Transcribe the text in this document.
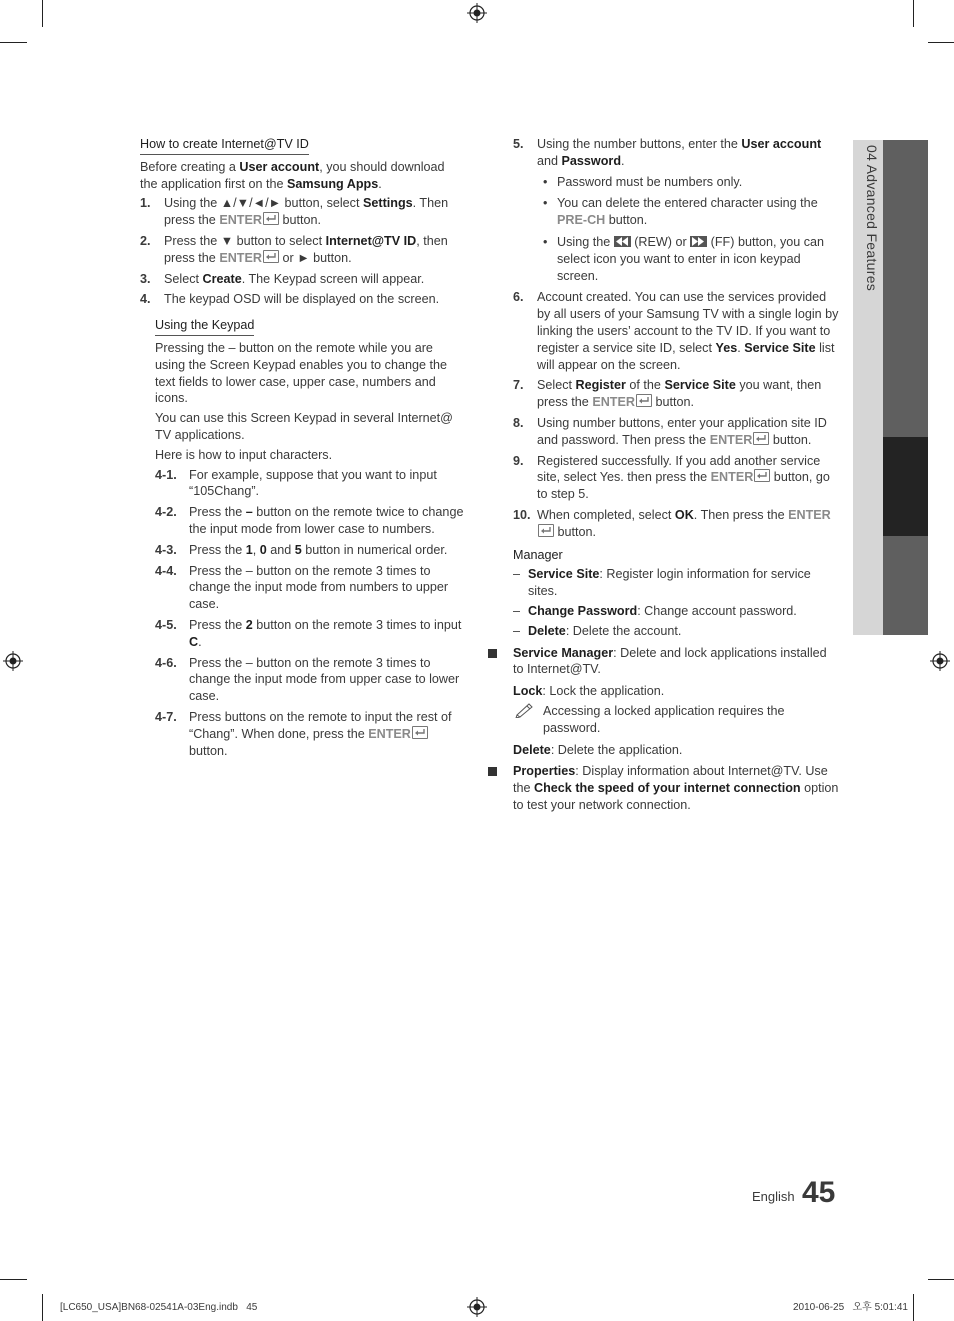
04 Advanced Features
How to create Internet@TV ID
Before creating a User account, you should download the application first on the Samsung Apps.
1. Using the ▲/▼/◄/► button, select Settings. Then press the ENTER
button.
2. Press the ▼ button to select Internet@TV ID, then press the ENTER
or ► button.
3. Select Create. The Keypad screen will appear.
4. The keypad OSD will be displayed on the screen.
Using the Keypad
Pressing the – button on the remote while you are using the Screen Keypad enables you to change the text fields to lower case, upper case, numbers and icons.
You can use this Screen Keypad in several Internet@ TV applications.
Here is how to input characters.
4-1. For example, suppose that you want to input “105Chang”.
4-2. Press the – button on the remote twice to change the input mode from lower case to numbers.
4-3. Press the 1, 0 and 5 button in numerical order.
4-4. Press the – button on the remote 3 times to change the input mode from numbers to upper case.
4-5. Press the 2 button on the remote 3 times to input C.
4-6. Press the – button on the remote 3 times to change the input mode from upper case to lower case.
4-7. Press buttons on the remote to input the rest of “Chang”. When done, press the ENTER
button.
5. Using the number buttons, enter the User account and Password.
• Password must be numbers only.
• You can delete the entered character using the PRE-CH button.
• Using the
(REW) or
(FF) button, you can select icon you want to enter in icon keypad screen.
6. Account created. You can use the services provided by all users of your Samsung TV with a single login by linking the users’ account to the TV ID. If you want to register a service site ID, select Yes. Service Site list will appear on the screen.
7. Select Register of the Service Site you want, then press the ENTER
button.
8. Using number buttons, enter your application site ID and password. Then press the ENTER
button.
9. Registered successfully. If you add another service site, select Yes. then press the ENTER
button, go to step 5.
10. When completed, select OK. Then press the ENTER
button.
Manager
– Service Site: Register login information for service sites.
– Change Password: Change account password.
– Delete: Delete the account.
Service Manager: Delete and lock applications installed to Internet@TV.
Lock: Lock the application.
Accessing a locked application requires the password.
Delete: Delete the application.
Properties: Display information about Internet@TV. Use the Check the speed of your internet connection option to test your network connection.
English 45
[LC650_USA]BN68-02541A-03Eng.indb   45	2010-06-25   오후 5:01:41
